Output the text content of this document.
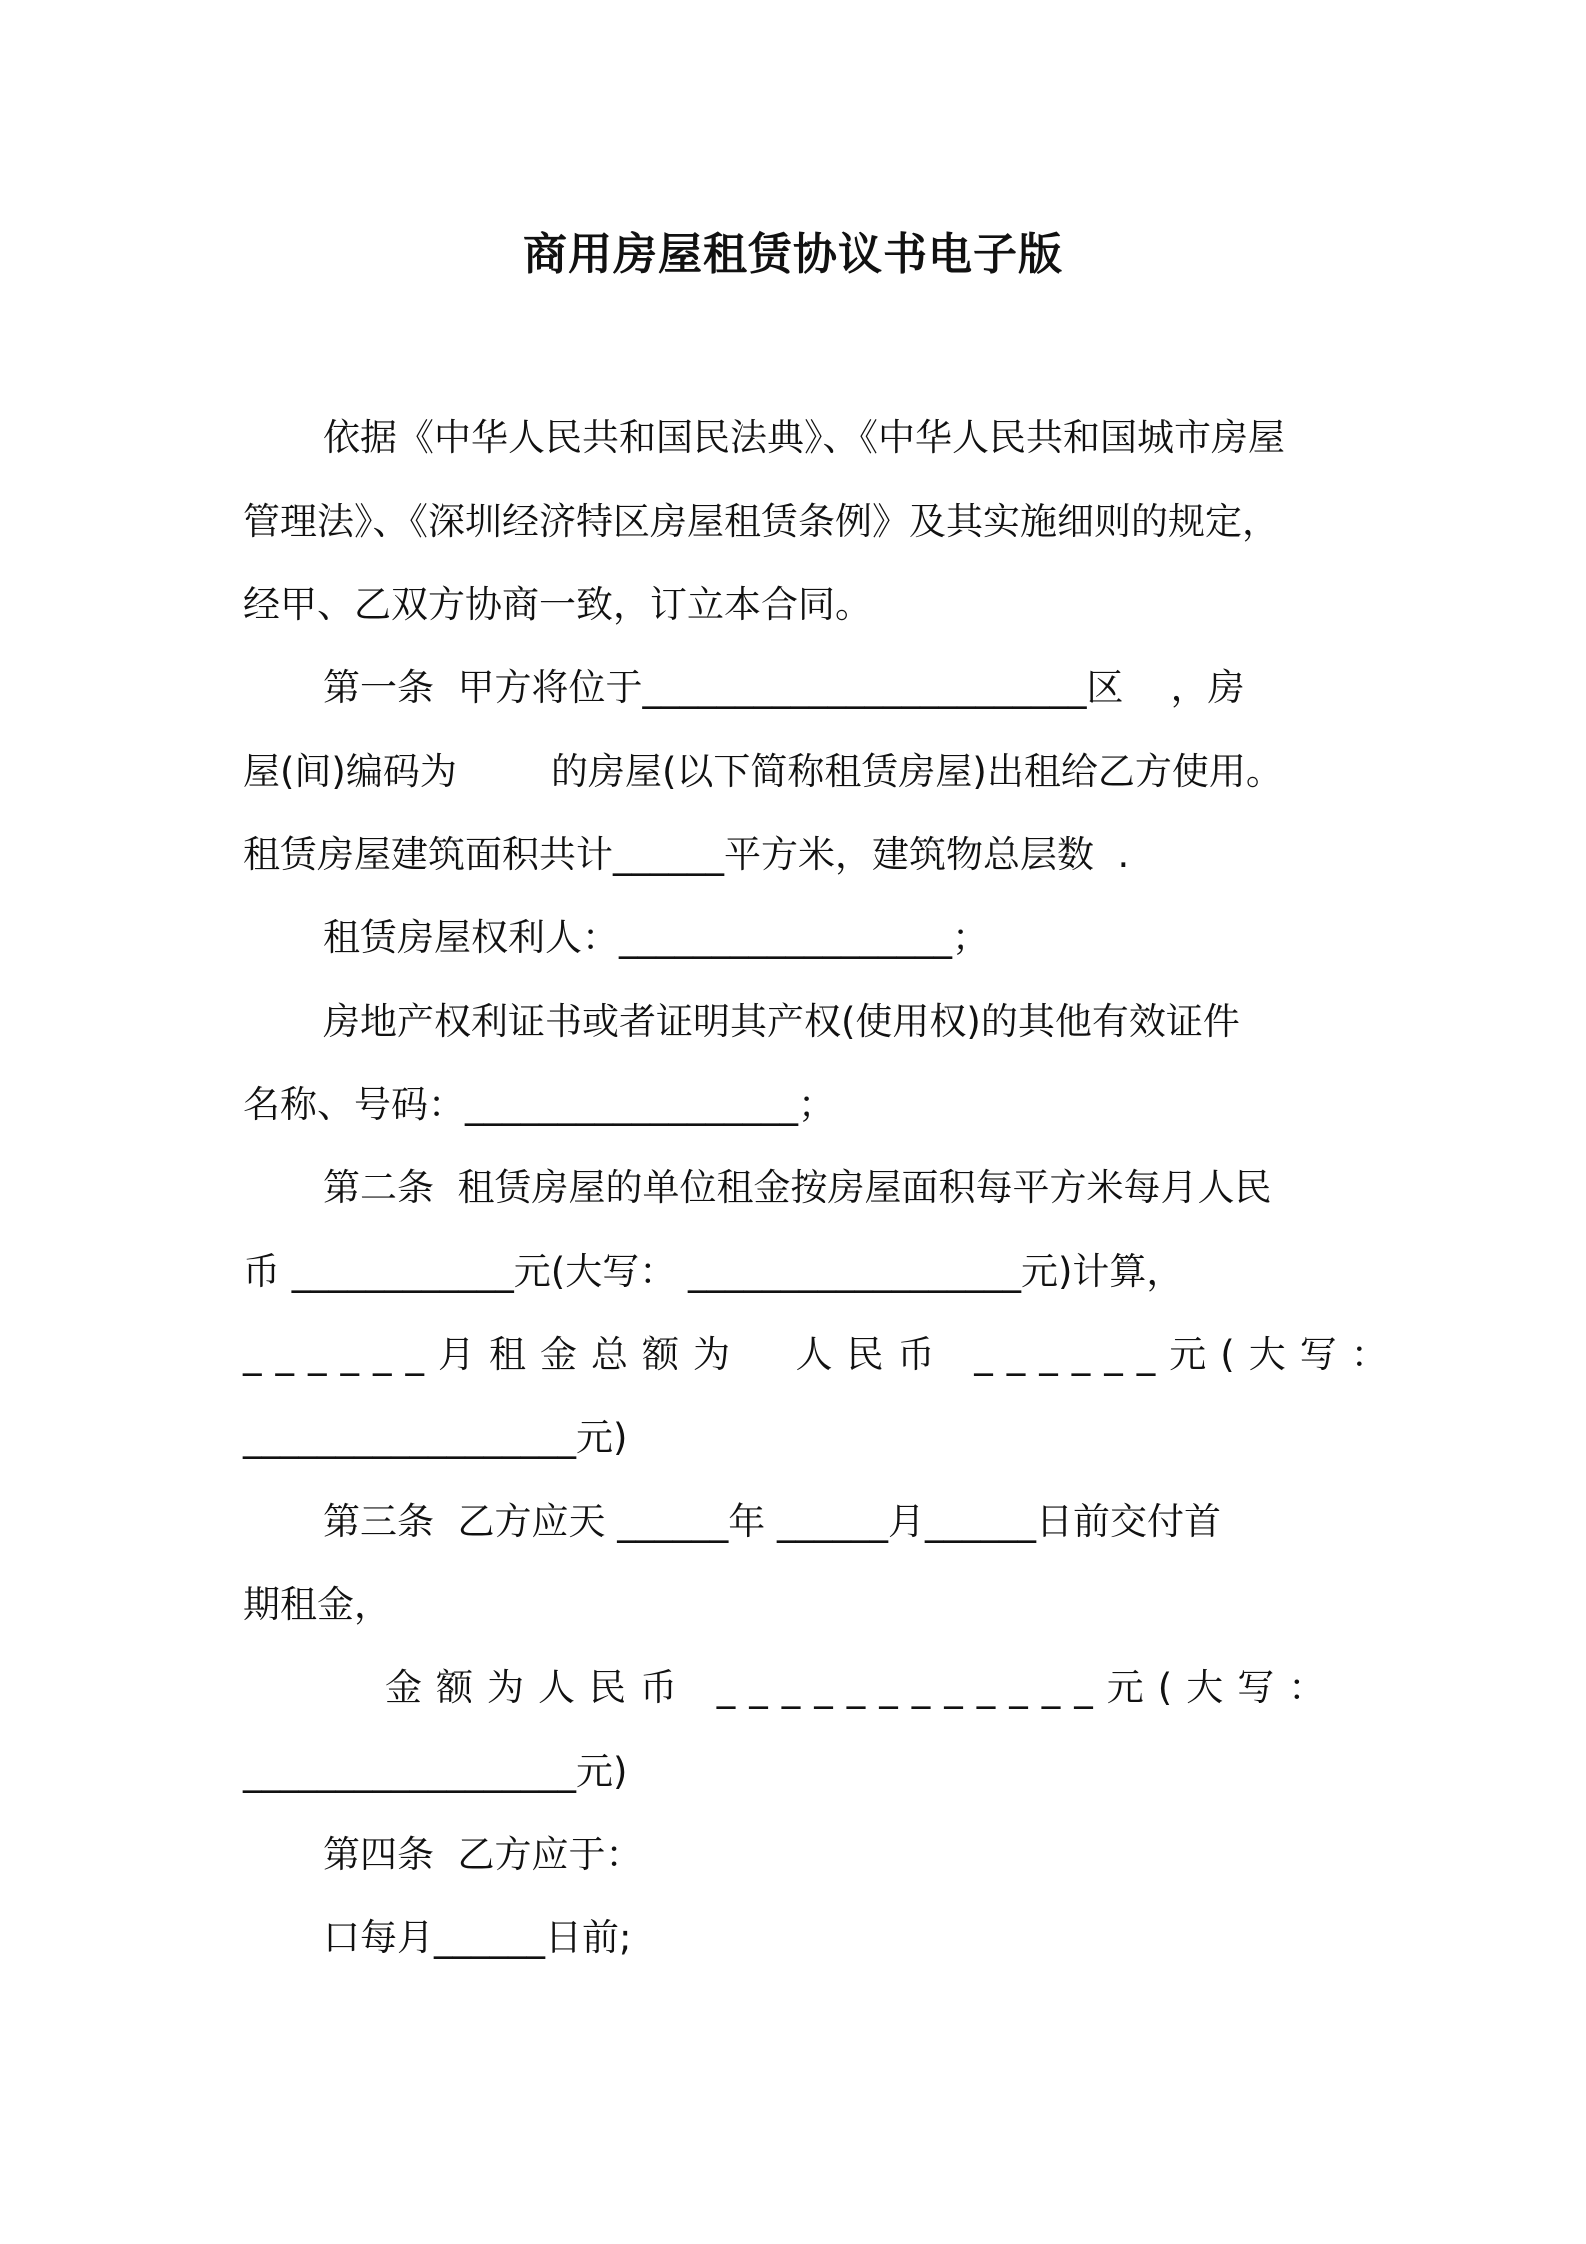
商用房屋租赁协议书电子版
依据《中华人民共和国民法典》、《中华人民共和国城市房屋
管理法》、《深圳经济特区房屋租赁条例》及其实施细则的规定，
经甲、乙双方协商一致，订立本合同。
第一条  甲方将位于________________________区    ，房
屋(间)编码为        的房屋(以下简称租赁房屋)出租给乙方使用。
租赁房屋建筑面积共计______平方米，建筑物总层数  .
租赁房屋权利人：__________________；
房地产权利证书或者证明其产权(使用权)的其他有效证件
名称、号码：__________________；
第二条  租赁房屋的单位租金按房屋面积每平方米每月人民
币 ____________元(大写： __________________元)计算，
______月租金总额为  人民币 ______元(大写：
__________________元)
第三条  乙方应天 ______年 ______月______日前交付首
期租金，
金额为人民币 ____________元(大写：
__________________元)
第四条  乙方应于：
口每月______日前;
